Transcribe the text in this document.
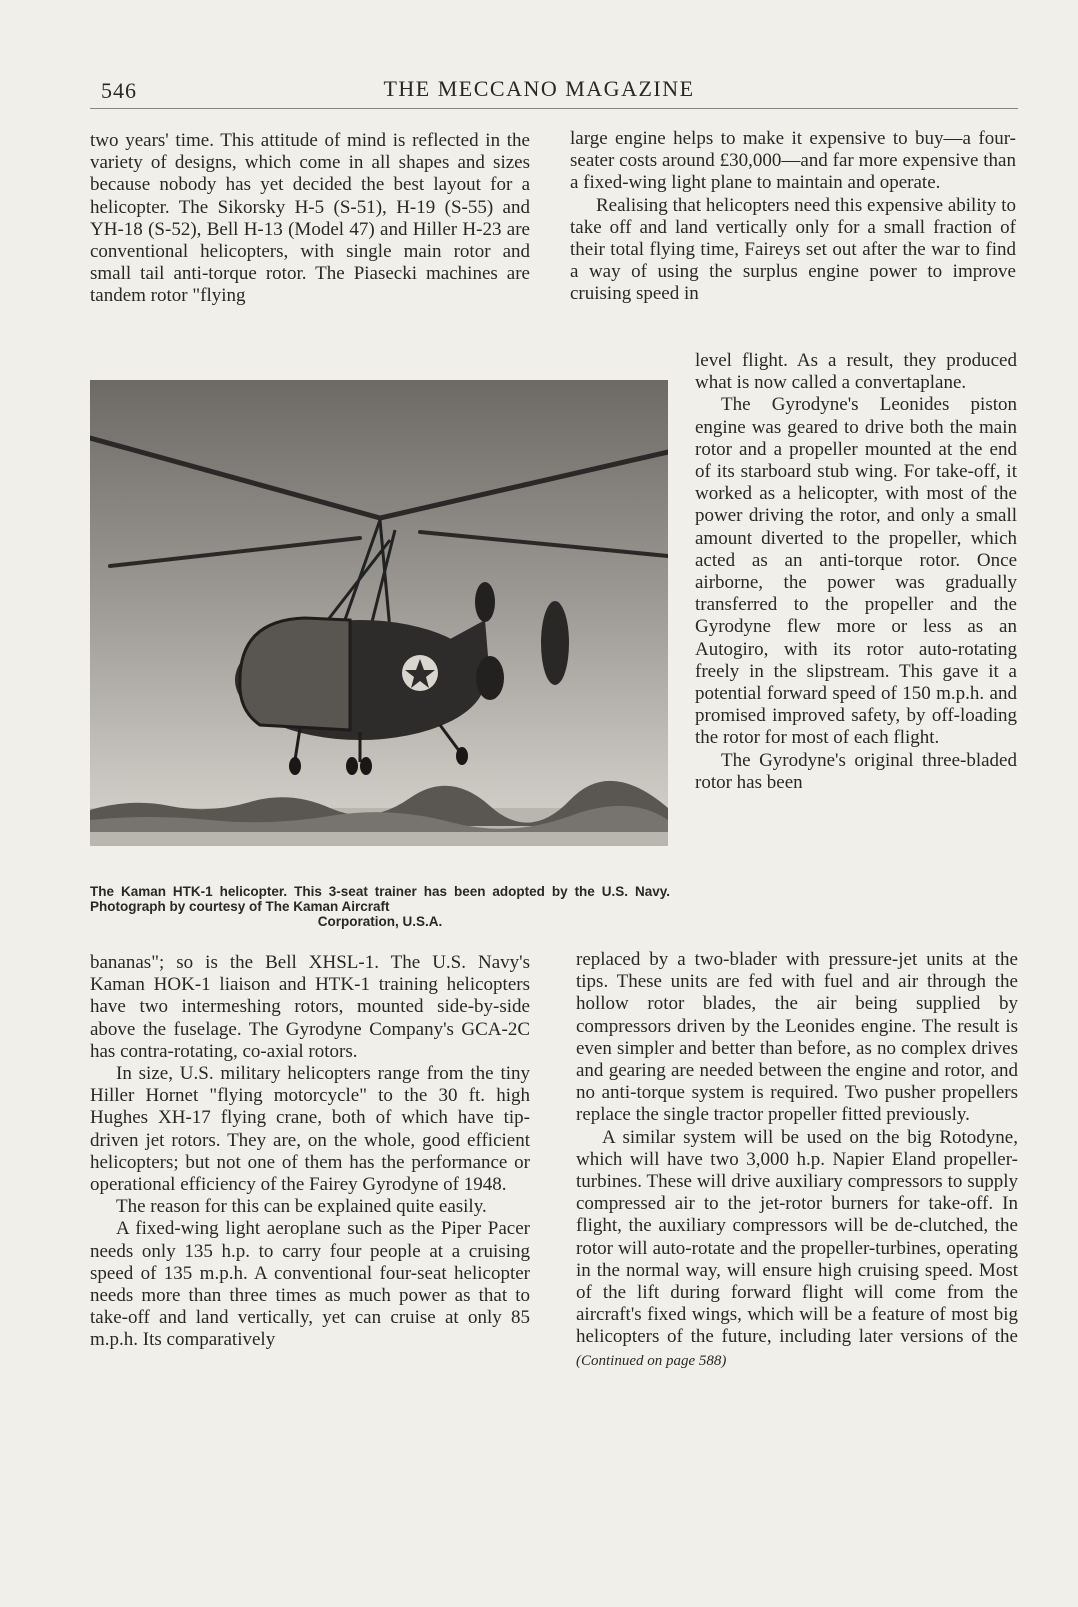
546	THE MECCANO MAGAZINE

two years' time. This attitude of mind is reflected in the variety of designs, which come in all shapes and sizes because nobody has yet decided the best layout for a helicopter. The Sikorsky H-5 (S-51), H-19 (S-55) and YH-18 (S-52), Bell H-13 (Model 47) and Hiller H-23 are conventional helicopters, with single main rotor and small tail anti-torque rotor. The Piasecki machines are tandem rotor "flying

The Kaman HTK-1 helicopter. This 3-seat trainer has been adopted by the U.S. Navy. Photograph by courtesy of The Kaman Aircraft
Corporation, U.S.A.

bananas"; so is the Bell XHSL-1. The U.S. Navy's Kaman HOK-1 liaison and HTK-1 training helicopters have two intermeshing rotors, mounted side-by-side above the fuselage. The Gyrodyne Company's GCA-2C has contra-rotating, co-axial rotors.

In size, U.S. military helicopters range from the tiny Hiller Hornet "flying motorcycle" to the 30 ft. high Hughes XH-17 flying crane, both of which have tip-driven jet rotors. They are, on the whole, good efficient helicopters; but not one of them has the performance or operational efficiency of the Fairey Gyrodyne of 1948.

The reason for this can be explained quite easily.

A fixed-wing light aeroplane such as the Piper Pacer needs only 135 h.p. to carry four people at a cruising speed of 135 m.p.h. A conventional four-seat helicopter needs more than three times as much power as that to take-off and land vertically, yet can cruise at only 85 m.p.h. Its comparatively

large engine helps to make it expensive to buy—a four-seater costs around £30,000—and far more expensive than a fixed-wing light plane to maintain and operate.

Realising that helicopters need this expensive ability to take off and land vertically only for a small fraction of their total flying time, Faireys set out after the war to find a way of using the surplus engine power to improve cruising speed in

level flight. As a result, they produced what is now called a convertaplane.

The Gyrodyne's Leonides piston engine was geared to drive both the main rotor and a propeller mounted at the end of its starboard stub wing. For take-off, it worked as a helicopter, with most of the power driving the rotor, and only a small amount diverted to the propeller, which acted as an anti-torque rotor. Once airborne, the power was gradually transferred to the propeller and the Gyrodyne flew more or less as an Autogiro, with its rotor auto-rotating freely in the slipstream. This gave it a potential forward speed of 150 m.p.h. and promised improved safety, by off-loading the rotor for most of each flight.

The Gyrodyne's original three-bladed rotor has been

replaced by a two-blader with pressure-jet units at the tips. These units are fed with fuel and air through the hollow rotor blades, the air being supplied by compressors driven by the Leonides engine. The result is even simpler and better than before, as no complex drives and gearing are needed between the engine and rotor, and no anti-torque system is required. Two pusher propellers replace the single tractor propeller fitted previously.

A similar system will be used on the big Rotodyne, which will have two 3,000 h.p. Napier Eland propeller-turbines. These will drive auxiliary compressors to supply compressed air to the jet-rotor burners for take-off. In flight, the auxiliary compressors will be de-clutched, the rotor will auto-rotate and the propeller-turbines, operating in the normal way, will ensure high cruising speed. Most of the lift during forward flight will come from the aircraft's fixed wings, which will be a feature of most big helicopters of the future, including later versions of the (Continued on page 588)
